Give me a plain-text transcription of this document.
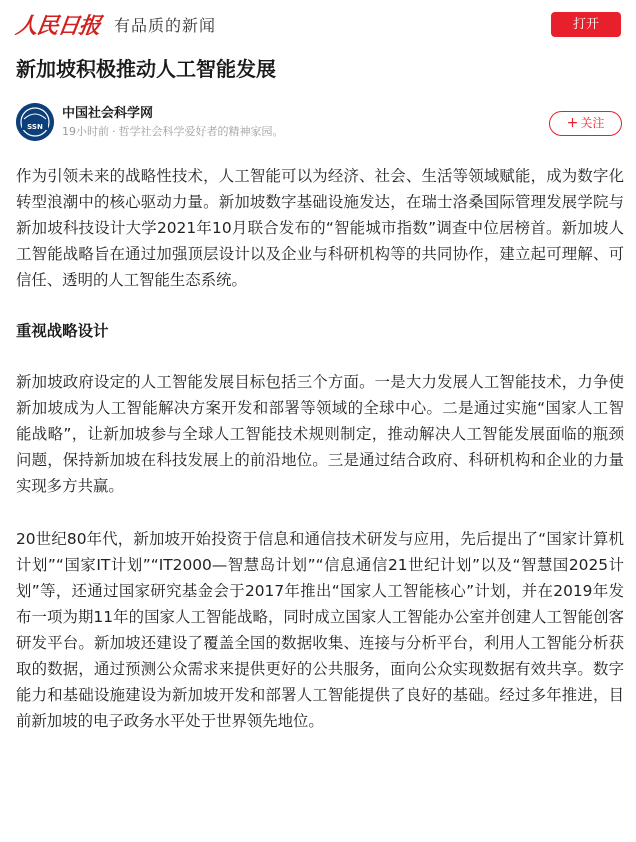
人民日报 有品质的新闻	打开
新加坡积极推动人工智能发展
SSN
中国社会科学网
19小时前 · 哲学社会科学爱好者的精神家园。
+ 关注

作为引领未来的战略性技术，人工智能可以为经济、社会、生活等领域赋能，成为数字化转型浪潮中的核心驱动力量。新加坡数字基础设施发达，在瑞士洛桑国际管理发展学院与新加坡科技设计大学2021年10月联合发布的“智能城市指数”调查中位居榜首。新加坡人工智能战略旨在通过加强顶层设计以及企业与科研机构等的共同协作，建立起可理解、可信任、透明的人工智能生态系统。

重视战略设计

新加坡政府设定的人工智能发展目标包括三个方面。一是大力发展人工智能技术，力争使新加坡成为人工智能解决方案开发和部署等领域的全球中心。二是通过实施“国家人工智能战略”，让新加坡参与全球人工智能技术规则制定，推动解决人工智能发展面临的瓶颈问题，保持新加坡在科技发展上的前沿地位。三是通过结合政府、科研机构和企业的力量实现多方共赢。

20世纪80年代，新加坡开始投资于信息和通信技术研发与应用，先后提出了“国家计算机计划”“国家IT计划”“IT2000—智慧岛计划”“信息通信21世纪计划”以及“智慧国2025计划”等，还通过国家研究基金会于2017年推出“国家人工智能核心”计划，并在2019年发布一项为期11年的国家人工智能战略，同时成立国家人工智能办公室并创建人工智能创客研发平台。新加坡还建设了覆盖全国的数据收集、连接与分析平台，利用人工智能分析获取的数据，通过预测公众需求来提供更好的公共服务，面向公众实现数据有效共享。数字能力和基础设施建设为新加坡开发和部署人工智能提供了良好的基础。经过多年推进，目前新加坡的电子政务水平处于世界领先地位。
